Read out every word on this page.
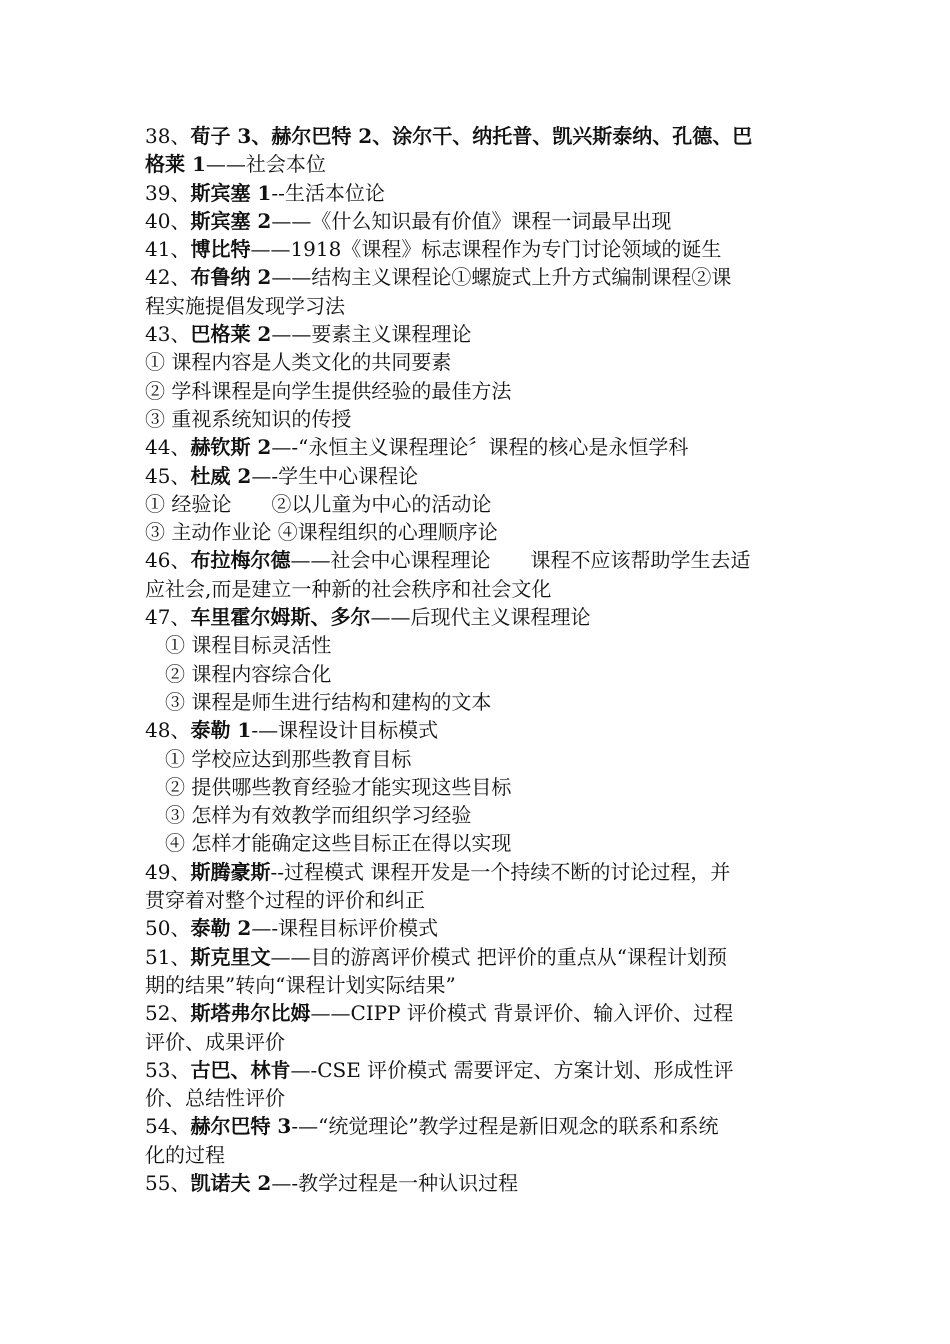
38、荀子 3、赫尔巴特 2、涂尔干、纳托普、凯兴斯泰纳、孔德、巴
格莱 1——社会本位
39、斯宾塞 1--生活本位论
40、斯宾塞 2——《什么知识最有价值》课程一词最早出现
41、博比特——1918《课程》标志课程作为专门讨论领域的诞生
42、布鲁纳 2——结构主义课程论①螺旋式上升方式编制课程②课
程实施提倡发现学习法
43、巴格莱 2——要素主义课程理论
① 课程内容是人类文化的共同要素
② 学科课程是向学生提供经验的最佳方法
③ 重视系统知识的传授
44、赫钦斯 2—-“永恒主义课程理论〞课程的核心是永恒学科
45、杜威 2—-学生中心课程论
① 经验论　　②以儿童为中心的活动论
③ 主动作业论 ④课程组织的心理顺序论
46、布拉梅尔德——社会中心课程理论　　课程不应该帮助学生去适
应社会,而是建立一种新的社会秩序和社会文化
47、车里霍尔姆斯、多尔——后现代主义课程理论
① 课程目标灵活性
② 课程内容综合化
③ 课程是师生进行结构和建构的文本
48、泰勒 1-—课程设计目标模式
① 学校应达到那些教育目标
② 提供哪些教育经验才能实现这些目标
③ 怎样为有效教学而组织学习经验
④ 怎样才能确定这些目标正在得以实现
49、斯腾豪斯--过程模式 课程开发是一个持续不断的讨论过程，并
贯穿着对整个过程的评价和纠正
50、泰勒 2—-课程目标评价模式
51、斯克里文——目的游离评价模式 把评价的重点从“课程计划预
期的结果”转向“课程计划实际结果”
52、斯塔弗尔比姆——CIPP 评价模式 背景评价、输入评价、过程
评价、成果评价
53、古巴、林肯—-CSE 评价模式 需要评定、方案计划、形成性评
价、总结性评价
54、赫尔巴特 3-—“统觉理论”教学过程是新旧观念的联系和系统
化的过程
55、凯诺夫 2—-教学过程是一种认识过程
